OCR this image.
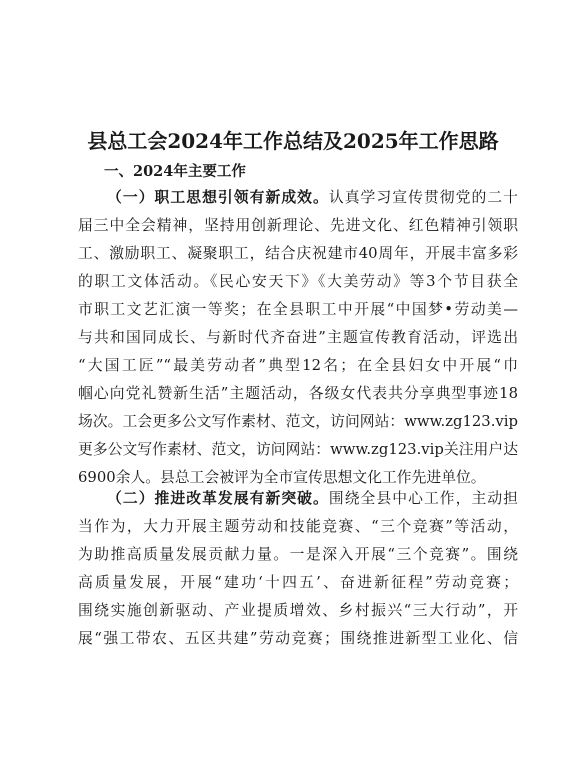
县总工会2024年工作总结及2025年工作思路
一、2024年主要工作
（一）职工思想引领有新成效。认真学习宣传贯彻党的二十
届三中全会精神，坚持用创新理论、先进文化、红色精神引领职
工、激励职工、凝聚职工，结合庆祝建市40周年，开展丰富多彩
的职工文体活动。《民心安天下》《大美劳动》等3个节目获全
市职工文艺汇演一等奖；在全县职工中开展“中国梦•劳动美—
与共和国同成长、与新时代齐奋进”主题宣传教育活动，评选出
“大国工匠”“最美劳动者”典型12名；在全县妇女中开展“巾
帼心向党礼赞新生活”主题活动，各级女代表共分享典型事迹18
场次。工会更多公文写作素材、范文，访问网站：www.zg123.vip
更多公文写作素材、范文，访问网站：www.zg123.vip关注用户达
6900余人。县总工会被评为全市宣传思想文化工作先进单位。
（二）推进改革发展有新突破。围绕全县中心工作，主动担
当作为，大力开展主题劳动和技能竞赛、“三个竞赛”等活动，
为助推高质量发展贡献力量。一是深入开展“三个竞赛”。围绕
高质量发展，开展“建功‘十四五’、奋进新征程”劳动竞赛；
围绕实施创新驱动、产业提质增效、乡村振兴“三大行动”，开
展“强工带农、五区共建”劳动竞赛；围绕推进新型工业化、信
